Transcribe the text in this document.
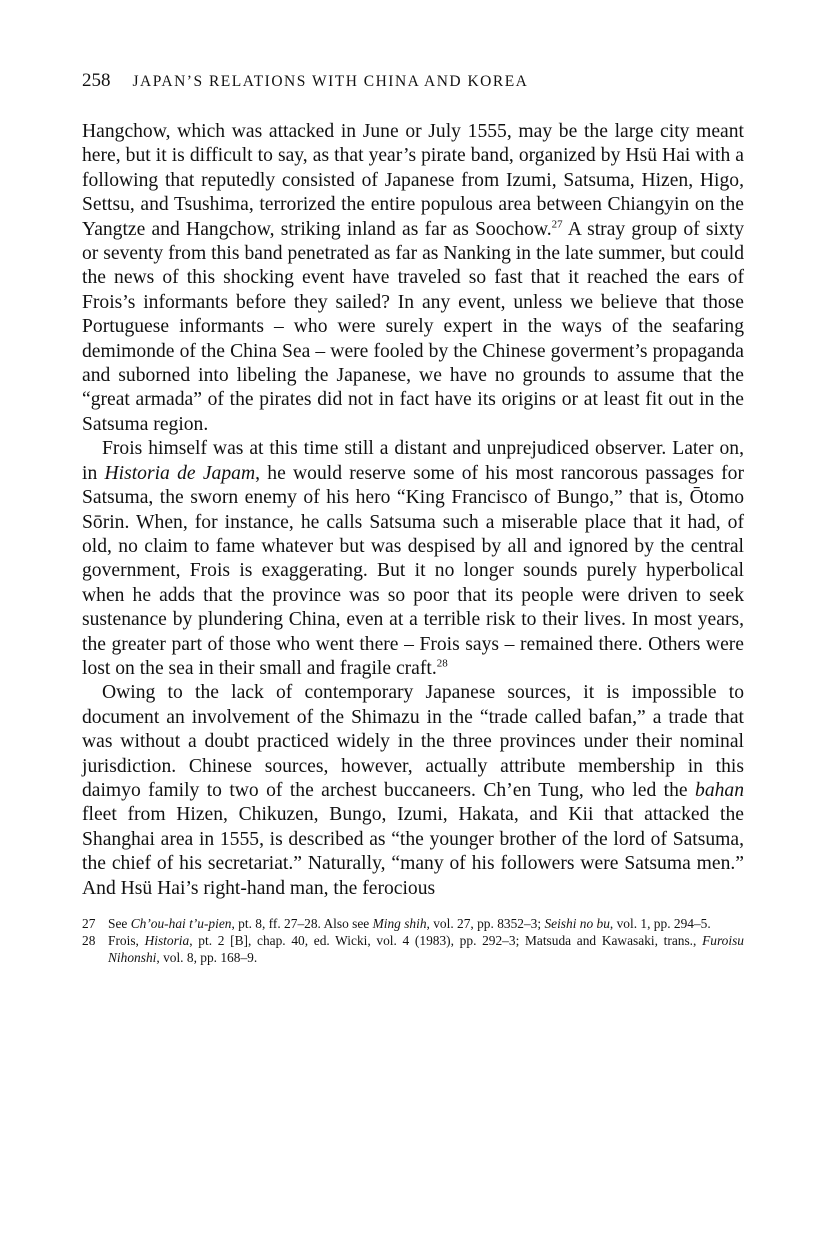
258 JAPAN’S RELATIONS WITH CHINA AND KOREA

Hangchow, which was attacked in June or July 1555, may be the large city meant here, but it is difficult to say, as that year’s pirate band, organized by Hsü Hai with a following that reputedly consisted of Japanese from Izumi, Satsuma, Hizen, Higo, Settsu, and Tsushima, terrorized the entire populous area between Chiangyin on the Yangtze and Hangchow, striking inland as far as Soochow.$^{27}$ A stray group of sixty or seventy from this band penetrated as far as Nanking in the late summer, but could the news of this shocking event have traveled so fast that it reached the ears of Frois’s informants before they sailed? In any event, unless we believe that those Portuguese informants – who were surely expert in the ways of the seafaring demimonde of the China Sea – were fooled by the Chinese goverment’s propaganda and suborned into libeling the Japanese, we have no grounds to assume that the “great armada” of the pirates did not in fact have its origins or at least fit out in the Satsuma region.

Frois himself was at this time still a distant and unprejudiced observer. Later on, in Historia de Japam, he would reserve some of his most rancorous passages for Satsuma, the sworn enemy of his hero “King Francisco of Bungo,” that is, Ōtomo Sōrin. When, for instance, he calls Satsuma such a miserable place that it had, of old, no claim to fame whatever but was despised by all and ignored by the central government, Frois is exaggerating. But it no longer sounds purely hyperbolical when he adds that the province was so poor that its people were driven to seek sustenance by plundering China, even at a terrible risk to their lives. In most years, the greater part of those who went there – Frois says – remained there. Others were lost on the sea in their small and fragile craft.$^{28}$

Owing to the lack of contemporary Japanese sources, it is impossible to document an involvement of the Shimazu in the “trade called bafan,” a trade that was without a doubt practiced widely in the three provinces under their nominal jurisdiction. Chinese sources, however, actually attribute membership in this daimyo family to two of the archest buccaneers. Ch’en Tung, who led the bahan fleet from Hizen, Chikuzen, Bungo, Izumi, Hakata, and Kii that attacked the Shanghai area in 1555, is described as “the younger brother of the lord of Satsuma, the chief of his secretariat.” Naturally, “many of his followers were Satsuma men.” And Hsü Hai’s right-hand man, the ferocious

27 See Ch’ou-hai t’u-pien, pt. 8, ff. 27–28. Also see Ming shih, vol. 27, pp. 8352–3; Seishi no bu, vol. 1, pp. 294–5.
28 Frois, Historia, pt. 2 [B], chap. 40, ed. Wicki, vol. 4 (1983), pp. 292–3; Matsuda and Kawasaki, trans., Furoisu Nihonshi, vol. 8, pp. 168–9.
